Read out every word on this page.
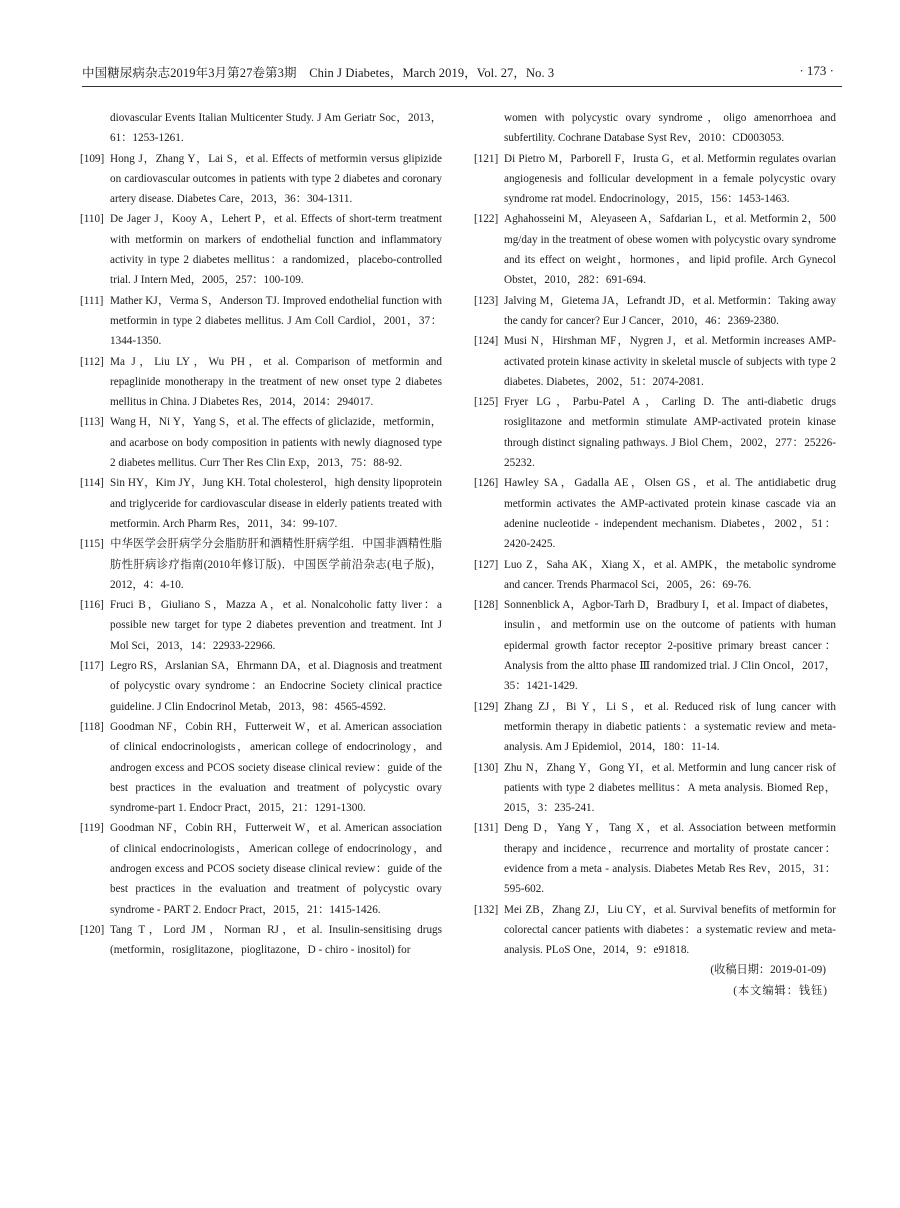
中国糖尿病杂志2019年3月第27卷第3期　Chin J Diabetes，March 2019，Vol. 27，No. 3	· 173 ·

diovascular Events Italian Multicenter Study. J Am Geriatr Soc，2013，61：1253-1261.

[109] Hong J，Zhang Y，Lai S，et al. Effects of metformin versus glipizide on cardiovascular outcomes in patients with type 2 diabetes and coronary artery disease. Diabetes Care，2013，36：304-1311.

[110] De Jager J，Kooy A，Lehert P，et al. Effects of short-term treatment with metformin on markers of endothelial function and inflammatory activity in type 2 diabetes mellitus：a randomized，placebo-controlled trial. J Intern Med，2005，257：100-109.

[111] Mather KJ，Verma S，Anderson TJ. Improved endothelial function with metformin in type 2 diabetes mellitus. J Am Coll Cardiol，2001，37：1344-1350.

[112] Ma J，Liu LY，Wu PH，et al. Comparison of metformin and repaglinide monotherapy in the treatment of new onset type 2 diabetes mellitus in China. J Diabetes Res，2014，2014：294017.

[113] Wang H，Ni Y，Yang S，et al. The effects of gliclazide，metformin，and acarbose on body composition in patients with newly diagnosed type 2 diabetes mellitus. Curr Ther Res Clin Exp，2013，75：88-92.

[114] Sin HY，Kim JY，Jung KH. Total cholesterol，high density lipoprotein and triglyceride for cardiovascular disease in elderly patients treated with metformin. Arch Pharm Res，2011，34：99-107.

[115] 中华医学会肝病学分会脂肪肝和酒精性肝病学组．中国非酒精性脂肪性肝病诊疗指南(2010年修订版)．中国医学前沿杂志(电子版)，2012，4：4-10.

[116] Fruci B，Giuliano S，Mazza A，et al. Nonalcoholic fatty liver：a possible new target for type 2 diabetes prevention and treatment. Int J Mol Sci，2013，14：22933-22966.

[117] Legro RS，Arslanian SA，Ehrmann DA，et al. Diagnosis and treatment of polycystic ovary syndrome：an Endocrine Society clinical practice guideline. J Clin Endocrinol Metab，2013，98：4565-4592.

[118] Goodman NF，Cobin RH，Futterweit W，et al. American association of clinical endocrinologists，american college of endocrinology，and androgen excess and PCOS society disease clinical review：guide of the best practices in the evaluation and treatment of polycystic ovary syndrome-part 1. Endocr Pract，2015，21：1291-1300.

[119] Goodman NF，Cobin RH，Futterweit W，et al. American association of clinical endocrinologists，American college of endocrinology，and androgen excess and PCOS society disease clinical review：guide of the best practices in the evaluation and treatment of polycystic ovary syndrome - PART 2. Endocr Pract，2015，21：1415-1426.

[120] Tang T，Lord JM，Norman RJ，et al. Insulin-sensitising drugs (metformin，rosiglitazone，pioglitazone，D - chiro - inositol) for

women with polycystic ovary syndrome，oligo amenorrhoea and subfertility. Cochrane Database Syst Rev，2010：CD003053.

[121] Di Pietro M，Parborell F，Irusta G，et al. Metformin regulates ovarian angiogenesis and follicular development in a female polycystic ovary syndrome rat model. Endocrinology，2015，156：1453-1463.

[122] Aghahosseini M，Aleyaseen A，Safdarian L，et al. Metformin 2，500 mg/day in the treatment of obese women with polycystic ovary syndrome and its effect on weight，hormones，and lipid profile. Arch Gynecol Obstet，2010，282：691-694.

[123] Jalving M，Gietema JA，Lefrandt JD，et al. Metformin：Taking away the candy for cancer? Eur J Cancer，2010，46：2369-2380.

[124] Musi N，Hirshman MF，Nygren J，et al. Metformin increases AMP-activated protein kinase activity in skeletal muscle of subjects with type 2 diabetes. Diabetes，2002，51：2074-2081.

[125] Fryer LG，Parbu-Patel A，Carling D. The anti-diabetic drugs rosiglitazone and metformin stimulate AMP-activated protein kinase through distinct signaling pathways. J Biol Chem，2002，277：25226-25232.

[126] Hawley SA，Gadalla AE，Olsen GS，et al. The antidiabetic drug metformin activates the AMP-activated protein kinase cascade via an adenine nucleotide - independent mechanism. Diabetes，2002，51：2420-2425.

[127] Luo Z，Saha AK，Xiang X，et al. AMPK，the metabolic syndrome and cancer. Trends Pharmacol Sci，2005，26：69-76.

[128] Sonnenblick A，Agbor-Tarh D，Bradbury I，et al. Impact of diabetes，insulin，and metformin use on the outcome of patients with human epidermal growth factor receptor 2-positive primary breast cancer：Analysis from the altto phase Ⅲ randomized trial. J Clin Oncol，2017，35：1421-1429.

[129] Zhang ZJ，Bi Y，Li S，et al. Reduced risk of lung cancer with metformin therapy in diabetic patients：a systematic review and meta-analysis. Am J Epidemiol，2014，180：11-14.

[130] Zhu N，Zhang Y，Gong YI，et al. Metformin and lung cancer risk of patients with type 2 diabetes mellitus：A meta analysis. Biomed Rep，2015，3：235-241.

[131] Deng D，Yang Y，Tang X，et al. Association between metformin therapy and incidence，recurrence and mortality of prostate cancer：evidence from a meta - analysis. Diabetes Metab Res Rev，2015，31：595-602.

[132] Mei ZB，Zhang ZJ，Liu CY，et al. Survival benefits of metformin for colorectal cancer patients with diabetes：a systematic review and meta-analysis. PLoS One，2014，9：e91818.

(收稿日期：2019-01-09)
(本文编辑：钱钰)
